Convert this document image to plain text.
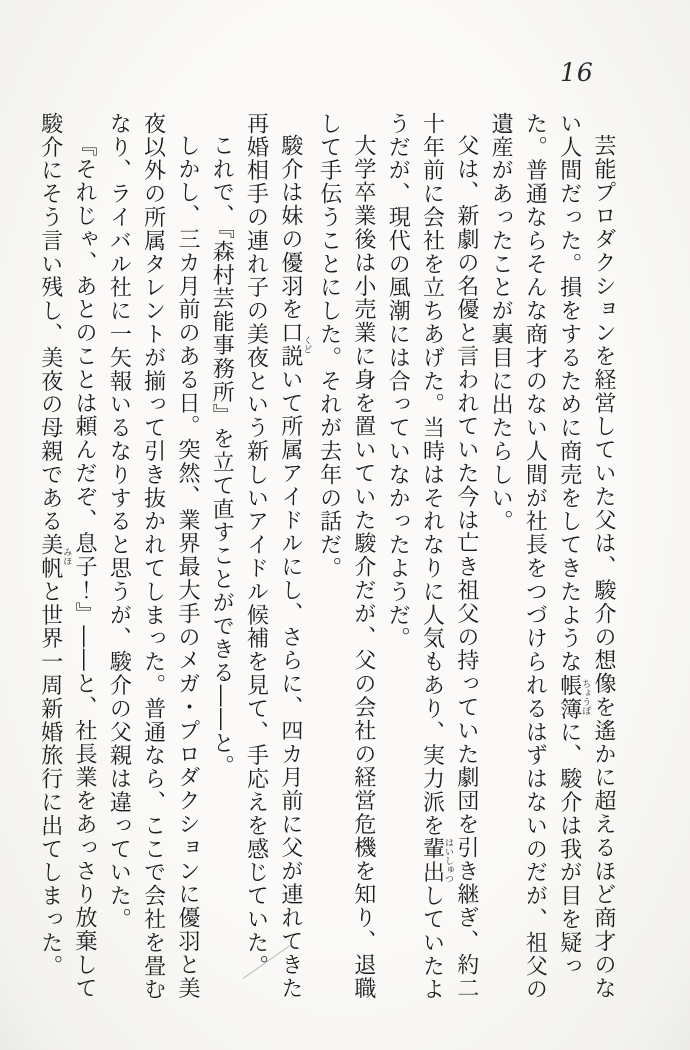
16

芸能プロダクションを経営していた父は、駿介の想像を遙かに超えるほど商才のない人間だった。損をするために商売をしてきたような帳簿ちょうぼに、駿介は我が目を疑った。普通ならそんな商才のない人間が社長をつづけられるはずはないのだが、祖父の遺産があったことが裏目に出たらしい。

父は、新劇の名優と言われていた今は亡き祖父の持っていた劇団を引き継ぎ、約二十年前に会社を立ちあげた。当時はそれなりに人気もあり、実力派を輩出はいしゅつしていたようだが、現代の風潮には合っていなかったようだ。

大学卒業後は小売業に身を置いていた駿介だが、父の会社の経営危機を知り、退職して手伝うことにした。それが去年の話だ。

駿介は妹の優羽を口説くどいて所属アイドルにし、さらに、四カ月前に父が連れてきた再婚相手の連れ子の美夜という新しいアイドル候補を見て、手応えを感じていた。

これで、『森村芸能事務所』を立て直すことができる――と。

しかし、三カ月前のある日。突然、業界最大手のメガ・プロダクションに優羽と美夜以外の所属タレントが揃って引き抜かれてしまった。普通なら、ここで会社を畳むなり、ライバル社に一矢報いるなりすると思うが、駿介の父親は違っていた。

『それじゃ、あとのことは頼んだぞ、息子！』――と、社長業をあっさり放棄して駿介にそう言い残し、美夜の母親である美帆みほと世界一周新婚旅行に出てしまった。
